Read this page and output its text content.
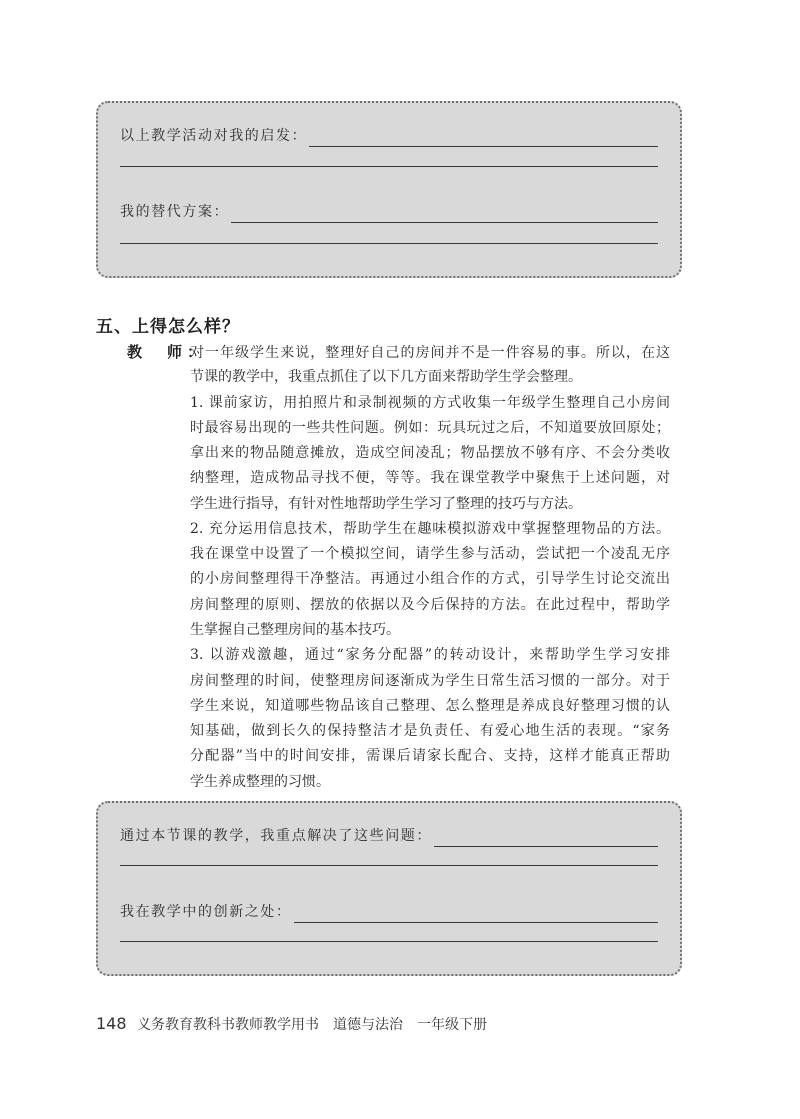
以上教学活动对我的启发：
我的替代方案：
五、上得怎么样？
教　师：
对一年级学生来说，整理好自己的房间并不是一件容易的事。所以，在这
节课的教学中，我重点抓住了以下几方面来帮助学生学会整理。
1. 课前家访，用拍照片和录制视频的方式收集一年级学生整理自己小房间
时最容易出现的一些共性问题。例如：玩具玩过之后，不知道要放回原处；
拿出来的物品随意摊放，造成空间凌乱；物品摆放不够有序、不会分类收
纳整理，造成物品寻找不便，等等。我在课堂教学中聚焦于上述问题，对
学生进行指导，有针对性地帮助学生学习了整理的技巧与方法。
2. 充分运用信息技术，帮助学生在趣味模拟游戏中掌握整理物品的方法。
我在课堂中设置了一个模拟空间，请学生参与活动，尝试把一个凌乱无序
的小房间整理得干净整洁。再通过小组合作的方式，引导学生讨论交流出
房间整理的原则、摆放的依据以及今后保持的方法。在此过程中，帮助学
生掌握自己整理房间的基本技巧。
3. 以游戏激趣，通过“家务分配器”的转动设计，来帮助学生学习安排
房间整理的时间，使整理房间逐渐成为学生日常生活习惯的一部分。对于
学生来说，知道哪些物品该自己整理、怎么整理是养成良好整理习惯的认
知基础，做到长久的保持整洁才是负责任、有爱心地生活的表现。“家务
分配器”当中的时间安排，需课后请家长配合、支持，这样才能真正帮助
学生养成整理的习惯。
通过本节课的教学，我重点解决了这些问题：
我在教学中的创新之处：
148 义务教育教科书教师教学用书　道德与法治　一年级下册
